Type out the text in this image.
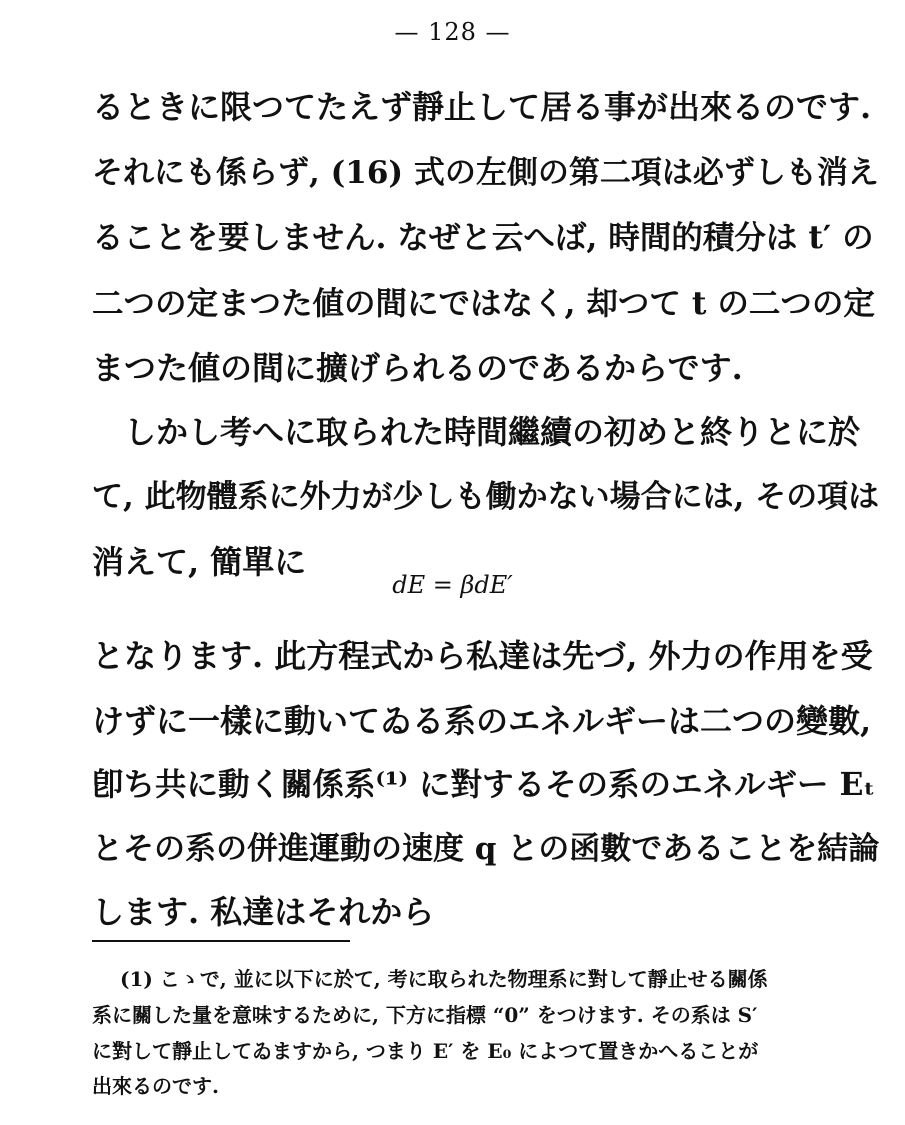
— 128 —
るときに限つてたえず靜止して居る事が出來るのです.
それにも係らず, (16) 式の左側の第二項は必ずしも消え
ることを要しません. なぜと云へば, 時間的積分は t′ の
二つの定まつた値の間にではなく, 却つて t の二つの定
まつた値の間に擴げられるのであるからです.
しかし考へに取られた時間繼續の初めと終りとに於
て, 此物體系に外力が少しも働かない場合には, その項は
消えて, 簡單に
dE = βdE′
となります. 此方程式から私達は先づ, 外力の作用を受
けずに一樣に動いてゐる系のエネルギーは二つの變數,
卽ち共に動く關係系⁽¹⁾ に對するその系のエネルギー Eₜ
とその系の併進運動の速度 q との函數であることを結論
します. 私達はそれから
(1) こゝで, 並に以下に於て, 考に取られた物理系に對して靜止せる關係
系に關した量を意味するために, 下方に指標 “0” をつけます. その系は S′
に對して靜止してゐますから, つまり E′ を E₀ によつて置きかへることが
出來るのです.
